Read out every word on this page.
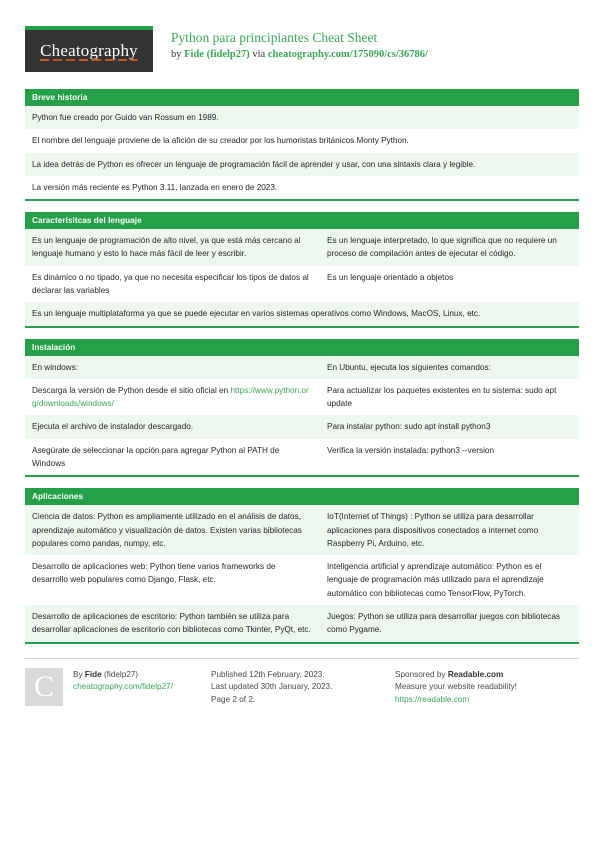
Cheatography
Python para principiantes Cheat Sheet
by Fide (fidelp27) via cheatography.com/175090/cs/36786/
Breve historia
Python fue creado por Guido van Rossum en 1989.
El nombre del lenguaje proviene de la afición de su creador por los humoristas británicos Monty Python.
La idea detrás de Python es ofrecer un lenguaje de programación fácil de aprender y usar, con una sintaxis clara y legible.
La versión más reciente es Python 3.11, lanzada en enero de 2023.
Caracterísitcas del lenguaje
Es un lenguaje de programación de alto nivel, ya que está más cercano al lenguaje humano y esto lo hace más fácil de leer y escribir.
Es un lenguaje interpretado, lo que significa que no requiere un proceso de compilación antes de ejecutar el código.
Es dinámico o no tipado, ya que no necesita especificar los tipos de datos al declarar las variables
Es un lenguaje orientado a objetos
Es un lenguaje multiplataforma ya que se puede ejecutar en varios sistemas operativos como Windows, MacOS, Linux, etc.
Instalación
En windows:	En Ubuntu, ejecuta los siguientes comandos:
Descarga la versión de Python desde el sitio oficial en https://www.python.org/downloads/windows/
Para actualizar los paquetes existentes en tu sistema: sudo apt update
Ejecuta el archivo de instalador descargado.	Para instalar python: sudo apt install python3
Asegúrate de seleccionar la opción para agregar Python al PATH de Windows
Verifica la versión instalada: python3 --version
Aplicaciones
Ciencia de datos: Python es ampliamente utilizado en el análisis de datos, aprendizaje automático y visualización de datos. Existen varias bibliotecas populares como pandas, numpy, etc.
IoT(Internet of Things) : Python se utiliza para desarrollar aplicaciones para dispositivos conectados a internet como Raspberry Pi, Arduino, etc.
Desarrollo de aplicaciones web: Python tiene varios frameworks de desarrollo web populares como Django, Flask, etc.
Inteligencia artificial y aprendizaje automático: Python es el lenguaje de programación más utilizado para el aprendizaje automático con bibliotecas como TensorFlow, PyTorch.
Desarrollo de aplicaciones de escritorio: Python también se utiliza para desarrollar aplicaciones de escritorio con bibliotecas como Tkinter, PyQt, etc.
Juegos: Python se utiliza para desarrollar juegos con bibliotecas como Pygame.
C By Fide (fidelp27)
cheatography.com/fidelp27/
Published 12th February, 2023.
Last updated 30th January, 2023.
Page 2 of 2.
Sponsored by Readable.com
Measure your website readability!
https://readable.com
